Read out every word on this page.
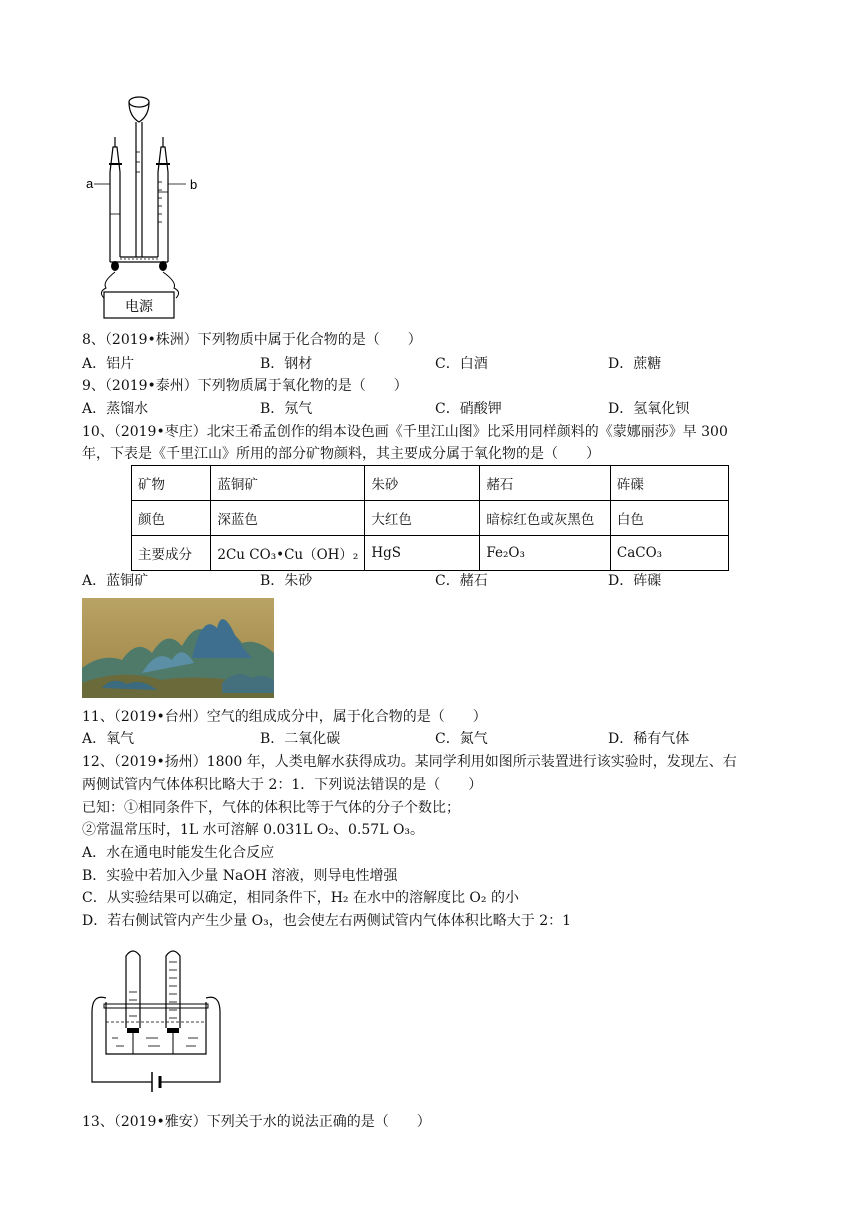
a	b
电源
8、（2019•株洲）下列物质中属于化合物的是（　　）
A．铝片	B．钢材	C．白酒	D．蔗糖
9、（2019•泰州）下列物质属于氧化物的是（　　）
A．蒸馏水	B．氖气	C．硝酸钾	D．氢氧化钡
10、（2019•枣庄）北宋王希孟创作的绢本设色画《千里江山图》比采用同样颜料的《蒙娜丽莎》早 300
年，下表是《千里江山》所用的部分矿物颜料，其主要成分属于氧化物的是（　　）
矿物	蓝铜矿	朱砂	赭石	砗磲
颜色	深蓝色	大红色	暗棕红色或灰黑色	白色
主要成分	2Cu CO₃•Cu（OH）₂	HgS	Fe₂O₃	CaCO₃
A．蓝铜矿	B．朱砂	C．赭石	D．砗磲
11、（2019•台州）空气的组成成分中，属于化合物的是（　　）
A．氧气	B．二氧化碳	C．氮气	D．稀有气体
12、（2019•扬州）1800 年，人类电解水获得成功。某同学利用如图所示装置进行该实验时，发现左、右
两侧试管内气体体积比略大于 2：1．下列说法错误的是（　　）
已知：①相同条件下，气体的体积比等于气体的分子个数比；
②常温常压时，1L 水可溶解 0.031L O₂、0.57L O₃。
A．水在通电时能发生化合反应
B．实验中若加入少量 NaOH 溶液，则导电性增强
C．从实验结果可以确定，相同条件下，H₂ 在水中的溶解度比 O₂ 的小
D．若右侧试管内产生少量 O₃，也会使左右两侧试管内气体体积比略大于 2：1
13、（2019•雅安）下列关于水的说法正确的是（　　）
